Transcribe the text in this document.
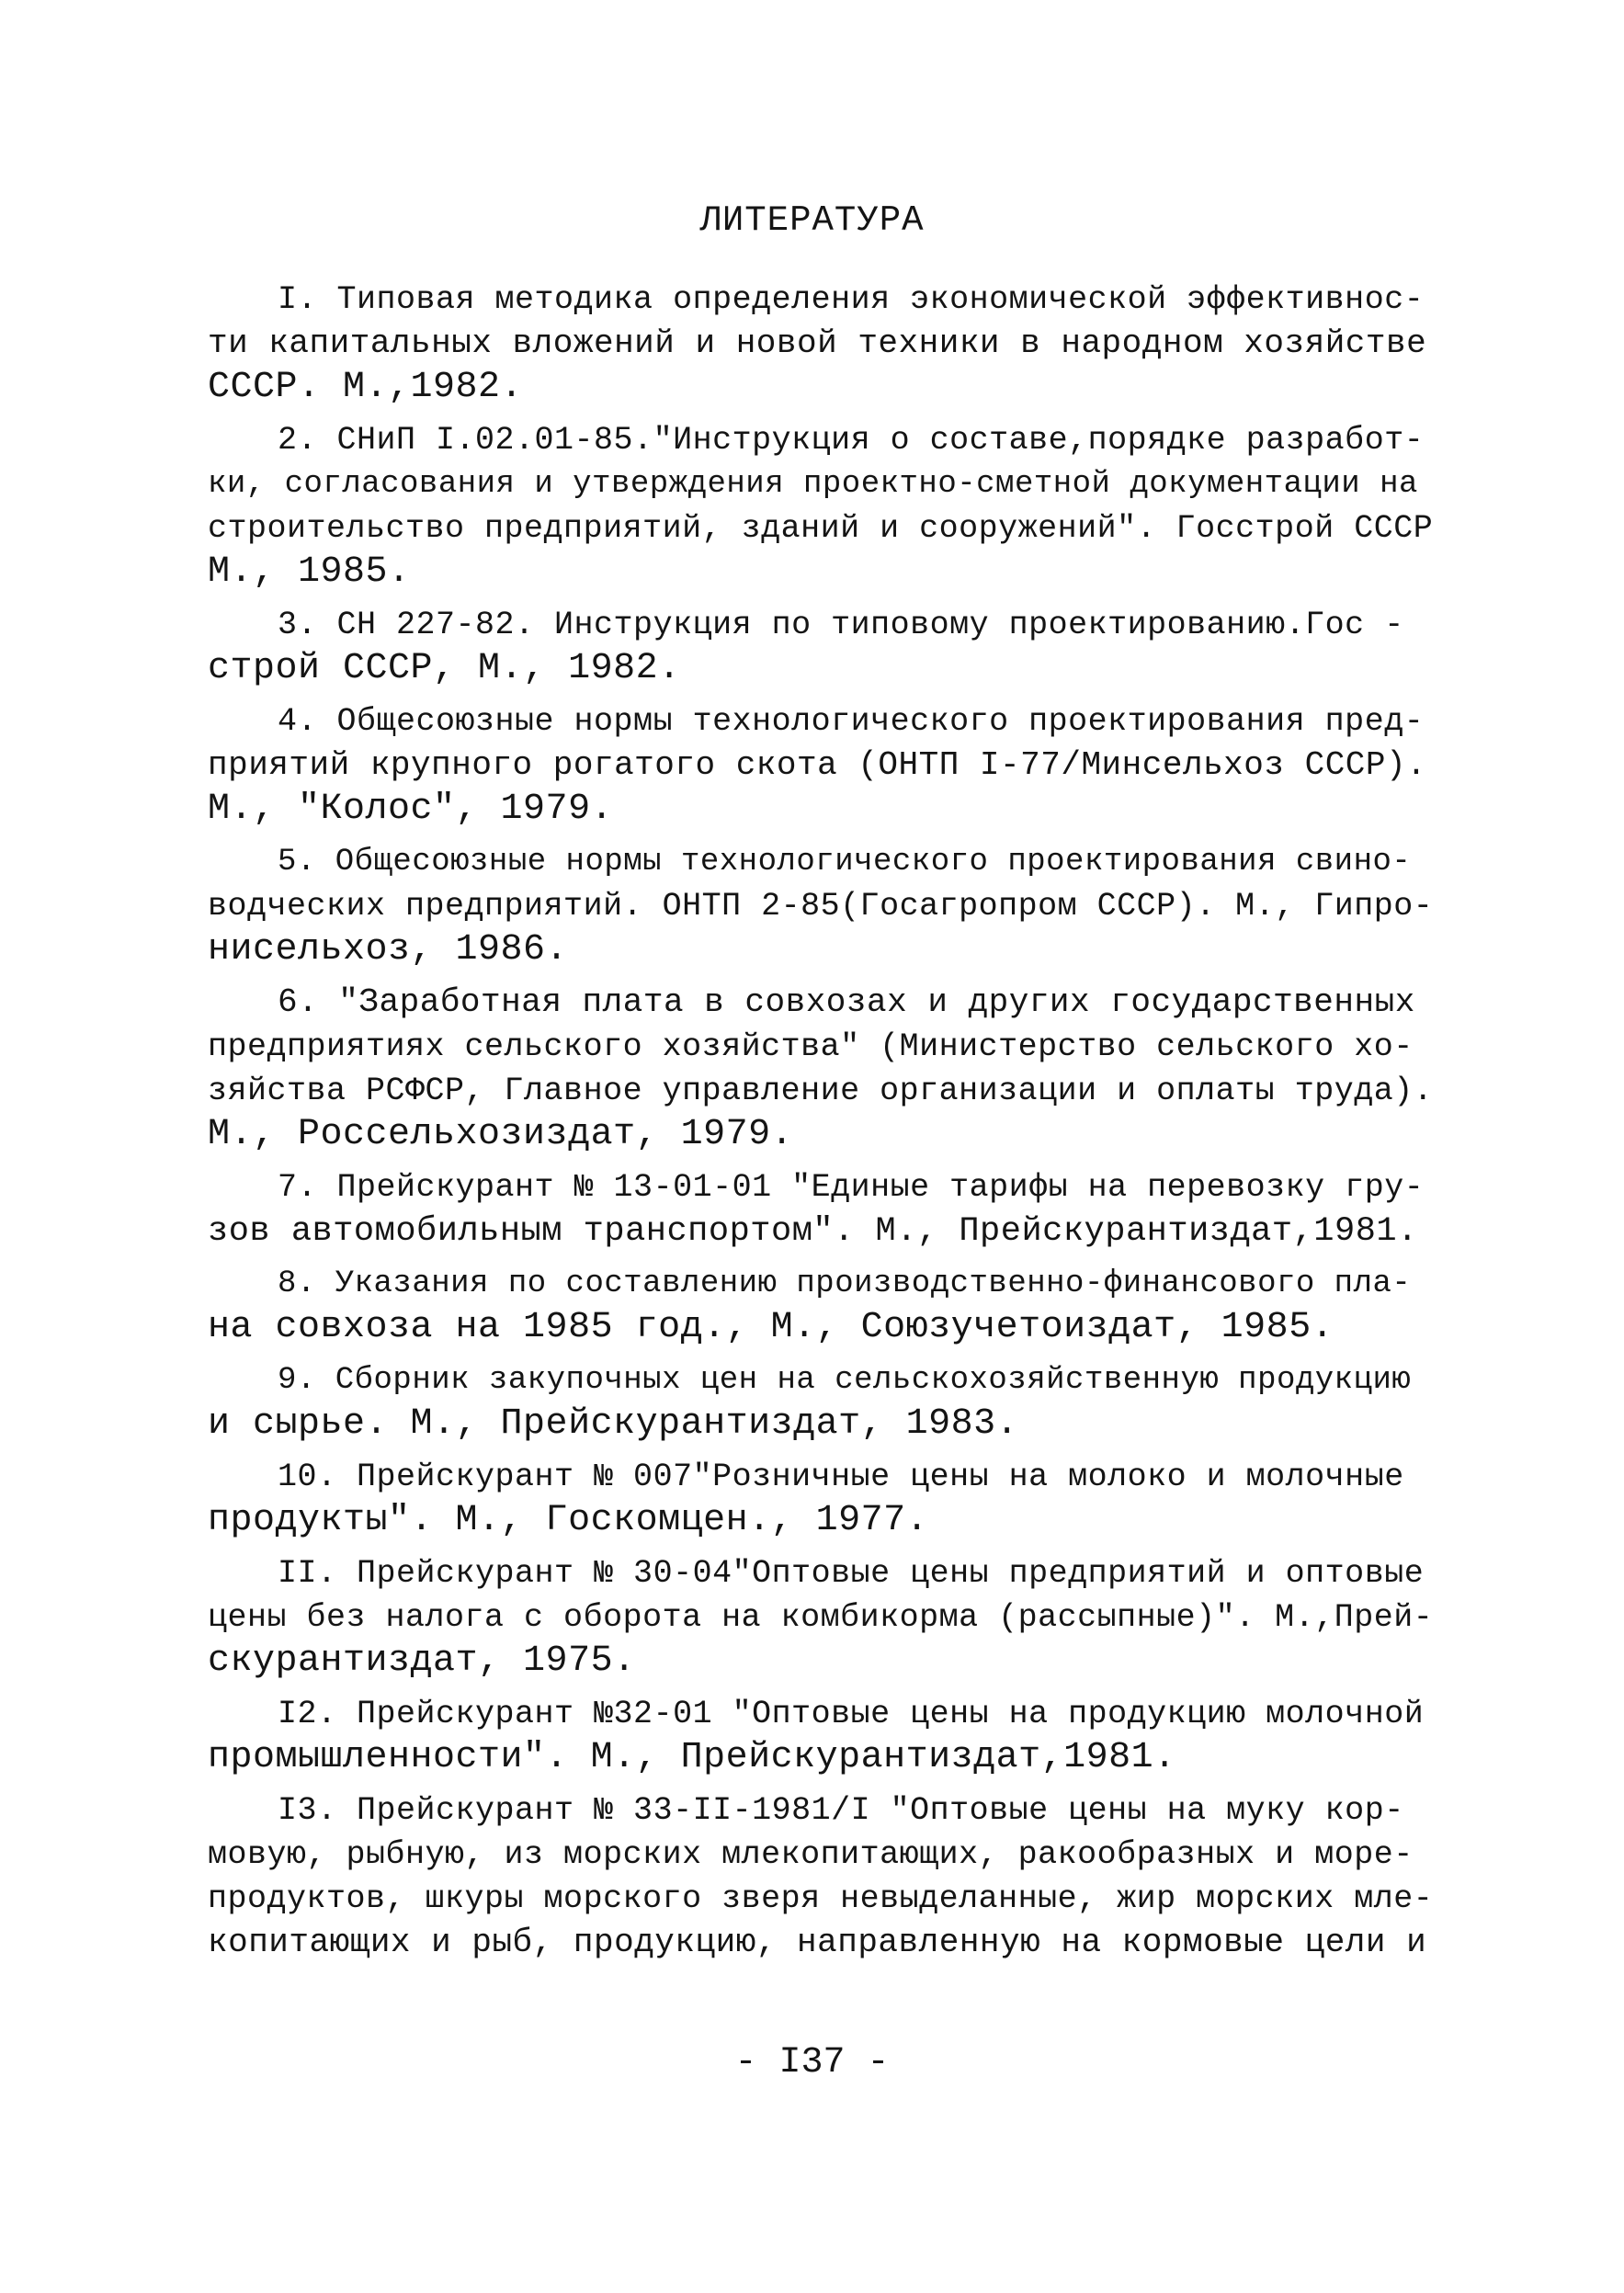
ЛИТЕРАТУРА
I. Типовая методика определения экономической эффективнос-
ти капитальных вложений и новой техники в народном хозяйстве
СССР. М.,1982.
2. СНиП I.02.01-85."Инструкция о составе,порядке разработ-
ки, согласования и утверждения проектно-сметной документации на
строительство предприятий, зданий и сооружений". Госстрой СССР
М., 1985.
3. СН 227-82. Инструкция по типовому проектированию.Гос -
строй СССР, М., 1982.
4. Общесоюзные нормы технологического проектирования пред-
приятий крупного рогатого скота (ОНТП I-77/Минсельхоз СССР).
М., "Колос", 1979.
5. Общесоюзные нормы технологического проектирования свино-
водческих предприятий. ОНТП 2-85(Госагропром СССР). М., Гипро-
нисельхоз, 1986.
6. "Заработная плата в совхозах и других государственных
предприятиях сельского хозяйства" (Министерство сельского хо-
зяйства РСФСР, Главное управление организации и оплаты труда).
М., Россельхозиздат, 1979.
7. Прейскурант № 13-01-01 "Единые тарифы на перевозку гру-
зов автомобильным транспортом". М., Прейскурантиздат,1981.
8. Указания по составлению производственно-финансового пла-
на совхоза на 1985 год., М., Союзучетоиздат, 1985.
9. Сборник закупочных цен на сельскохозяйственную продукцию
и сырье. М., Прейскурантиздат, 1983.
10. Прейскурант № 007"Розничные цены на молоко и молочные
продукты". М., Госкомцен., 1977.
II. Прейскурант № 30-04"Оптовые цены предприятий и оптовые
цены без налога с оборота на комбикорма (рассыпные)". М.,Прей-
скурантиздат, 1975.
I2. Прейскурант №32-01 "Оптовые цены на продукцию молочной
промышленности". М., Прейскурантиздат,1981.
I3. Прейскурант № 33-II-1981/I "Оптовые цены на муку кор-
мовую, рыбную, из морских млекопитающих, ракообразных и море-
продуктов, шкуры морского зверя невыделанные, жир морских мле-
копитающих и рыб, продукцию, направленную на кормовые цели и
- I37 -
